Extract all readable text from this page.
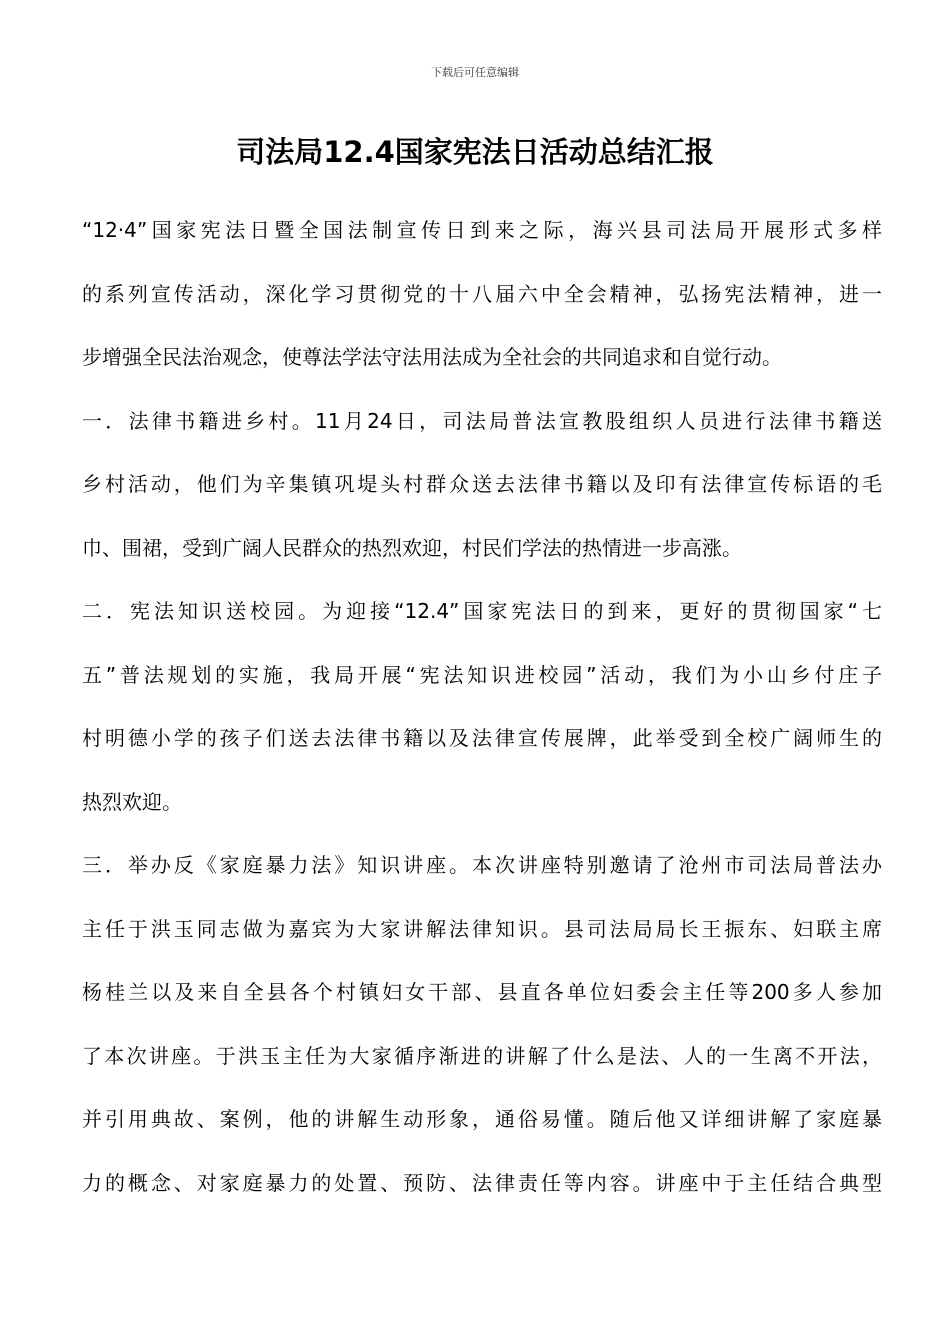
下载后可任意编辑
司法局12.4国家宪法日活动总结汇报
“12·4”国家宪法日暨全国法制宣传日到来之际，海兴县司法局开展形式多样
的系列宣传活动，深化学习贯彻党的十八届六中全会精神，弘扬宪法精神，进一
步增强全民法治观念，使尊法学法守法用法成为全社会的共同追求和自觉行动。
一．法律书籍进乡村。11月24日，司法局普法宣教股组织人员进行法律书籍送
乡村活动，他们为辛集镇巩堤头村群众送去法律书籍以及印有法律宣传标语的毛
巾、围裙，受到广阔人民群众的热烈欢迎，村民们学法的热情进一步高涨。
二．宪法知识送校园。为迎接“12.4”国家宪法日的到来，更好的贯彻国家“七
五”普法规划的实施，我局开展“宪法知识进校园”活动，我们为小山乡付庄子
村明德小学的孩子们送去法律书籍以及法律宣传展牌，此举受到全校广阔师生的
热烈欢迎。
三．举办反《家庭暴力法》知识讲座。本次讲座特别邀请了沧州市司法局普法办
主任于洪玉同志做为嘉宾为大家讲解法律知识。县司法局局长王振东、妇联主席
杨桂兰以及来自全县各个村镇妇女干部、县直各单位妇委会主任等200多人参加
了本次讲座。于洪玉主任为大家循序渐进的讲解了什么是法、人的一生离不开法，
并引用典故、案例，他的讲解生动形象，通俗易懂。随后他又详细讲解了家庭暴
力的概念、对家庭暴力的处置、预防、法律责任等内容。讲座中于主任结合典型
